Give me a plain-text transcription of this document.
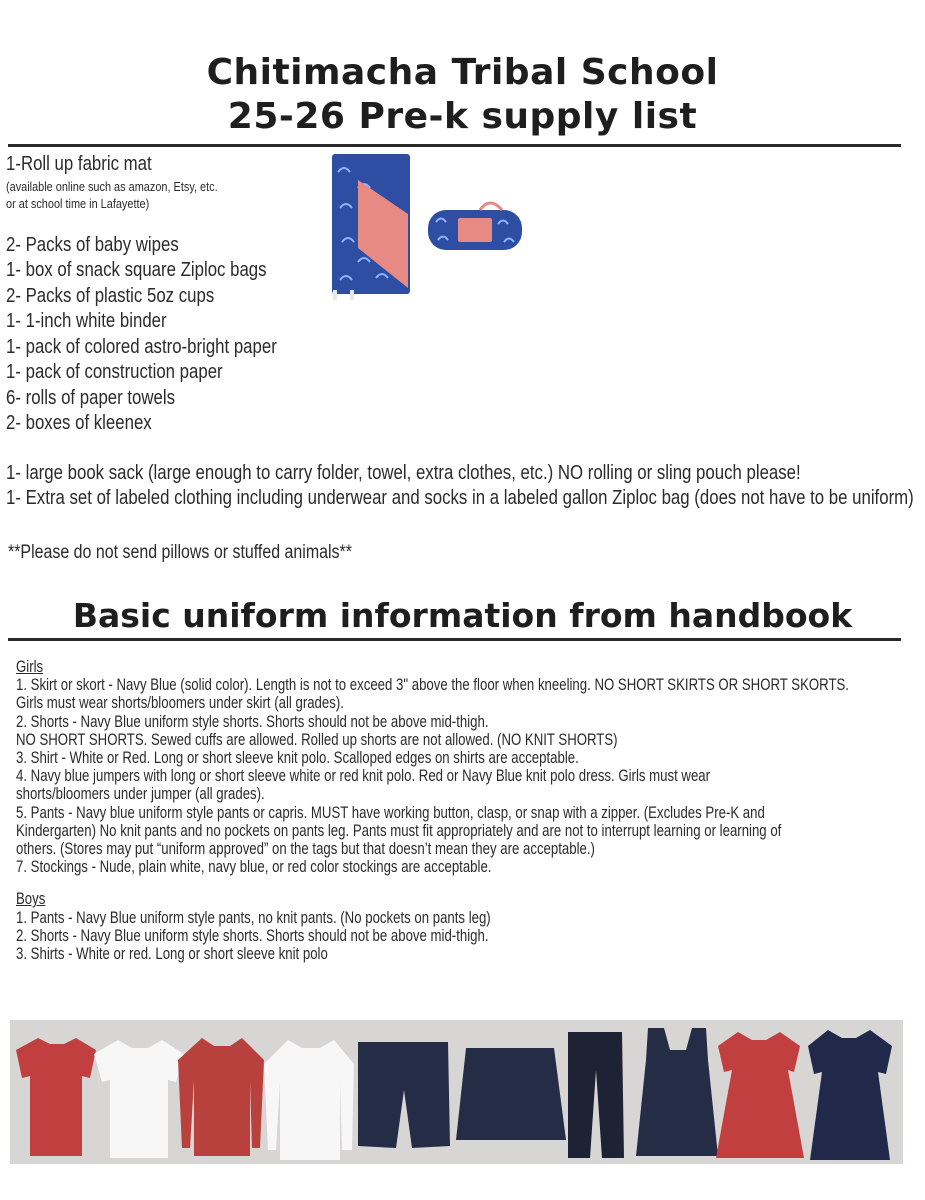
Chitimacha Tribal School
25-26 Pre-k supply list
1-Roll up fabric mat
(available online such as amazon, Etsy, etc.
or at school time in Lafayette)
2- Packs of baby wipes
1- box of snack square Ziploc bags
2- Packs of plastic 5oz cups
1- 1-inch white binder
1- pack of colored astro-bright paper
1- pack of construction paper
6- rolls of paper towels
2- boxes of kleenex
1- large book sack (large enough to carry folder, towel, extra clothes, etc.) NO rolling or sling pouch please!
1- Extra set of labeled clothing including underwear and socks in a labeled gallon Ziploc bag (does not have to be uniform)
**Please do not send pillows or stuffed animals**
Basic uniform information from handbook
Girls
1. Skirt or skort - Navy Blue (solid color). Length is not to exceed 3" above the floor when kneeling. NO SHORT SKIRTS OR SHORT SKORTS.
Girls must wear shorts/bloomers under skirt (all grades).
2. Shorts - Navy Blue uniform style shorts. Shorts should not be above mid-thigh.
NO SHORT SHORTS. Sewed cuffs are allowed. Rolled up shorts are not allowed. (NO KNIT SHORTS)
3. Shirt - White or Red. Long or short sleeve knit polo. Scalloped edges on shirts are acceptable.
4. Navy blue jumpers with long or short sleeve white or red knit polo. Red or Navy Blue knit polo dress. Girls must wear
shorts/bloomers under jumper (all grades).
5. Pants - Navy blue uniform style pants or capris. MUST have working button, clasp, or snap with a zipper. (Excludes Pre-K and
Kindergarten) No knit pants and no pockets on pants leg. Pants must fit appropriately and are not to interrupt learning or learning of
others. (Stores may put “uniform approved” on the tags but that doesn’t mean they are acceptable.)
7. Stockings - Nude, plain white, navy blue, or red color stockings are acceptable.
Boys
1. Pants - Navy Blue uniform style pants, no knit pants. (No pockets on pants leg)
2. Shorts - Navy Blue uniform style shorts. Shorts should not be above mid-thigh.
3. Shirts - White or red. Long or short sleeve knit polo
